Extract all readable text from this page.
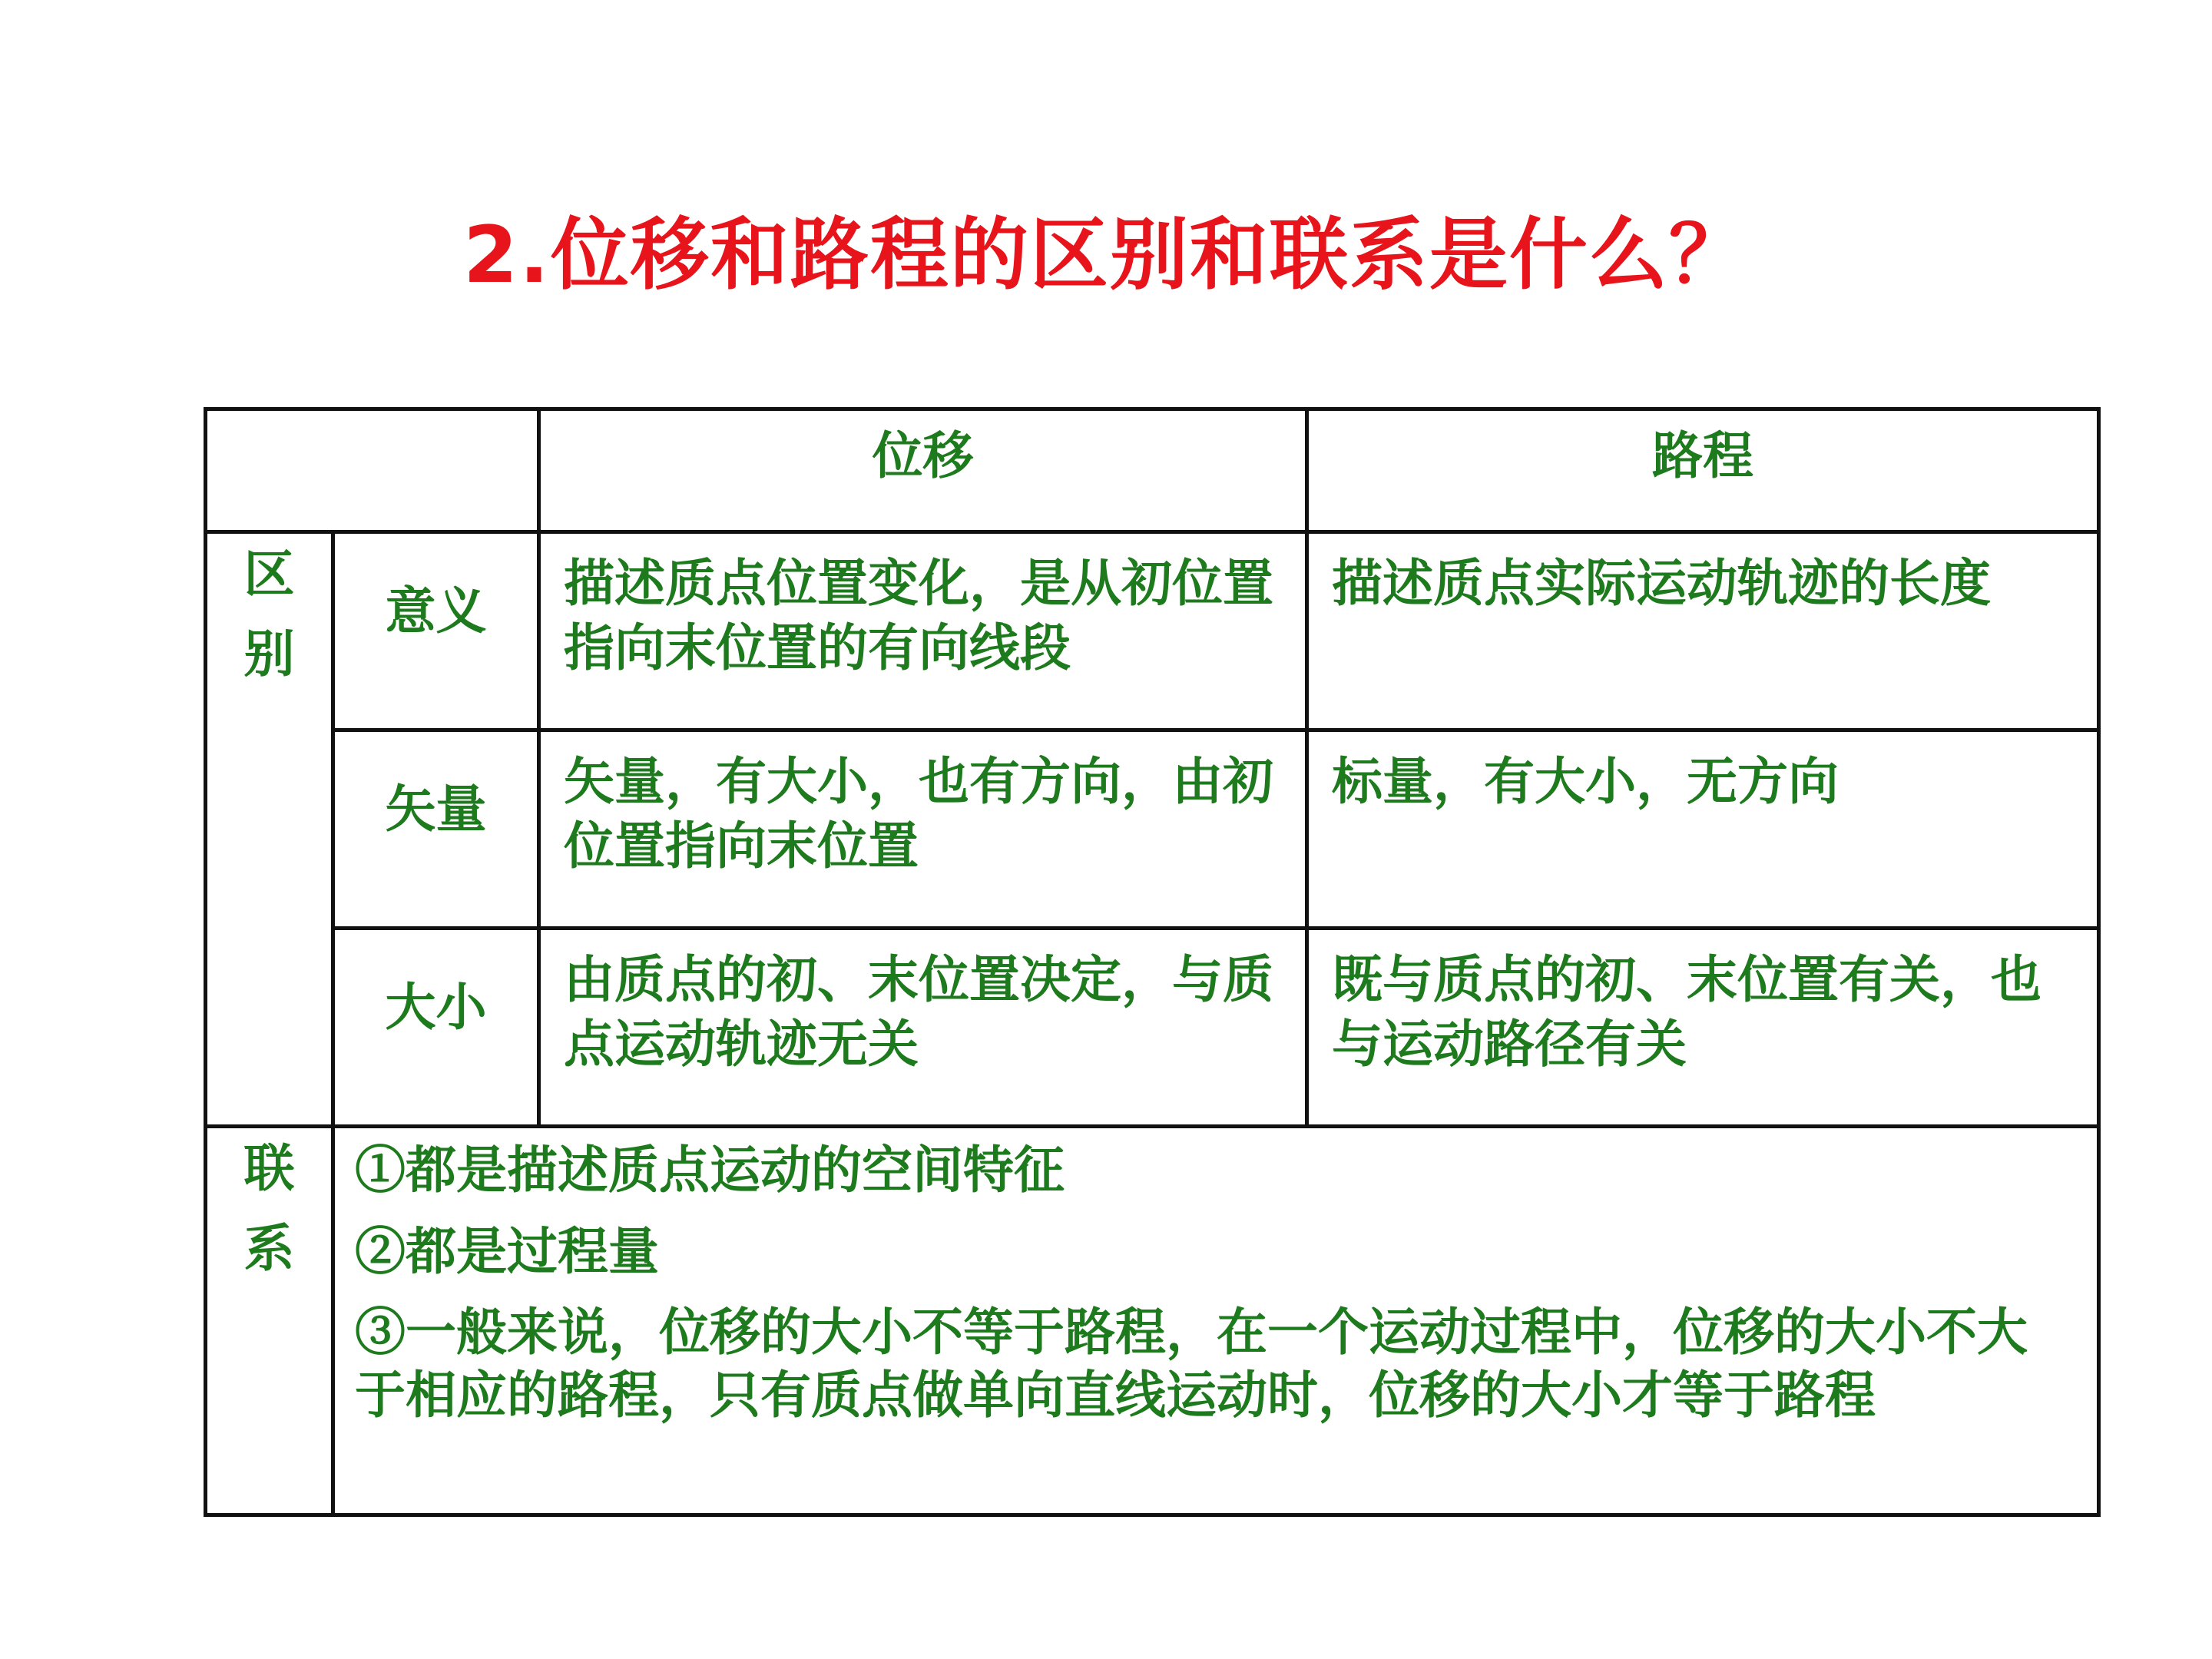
2.位移和路程的区别和联系是什么？
		位移	路程

区
别	意义	描述质点位置变化，是从初位置指向末位置的有向线段	描述质点实际运动轨迹的长度
	矢量	矢量，有大小，也有方向，由初位置指向末位置	标量，有大小，无方向
	大小	由质点的初、末位置决定，与质点运动轨迹无关	既与质点的初、末位置有关，也与运动路径有关

联
系	①都是描述质点运动的空间特征
②都是过程量
③一般来说，位移的大小不等于路程，在一个运动过程中，位移的大小不大于相应的路程，只有质点做单向直线运动时，位移的大小才等于路程		
